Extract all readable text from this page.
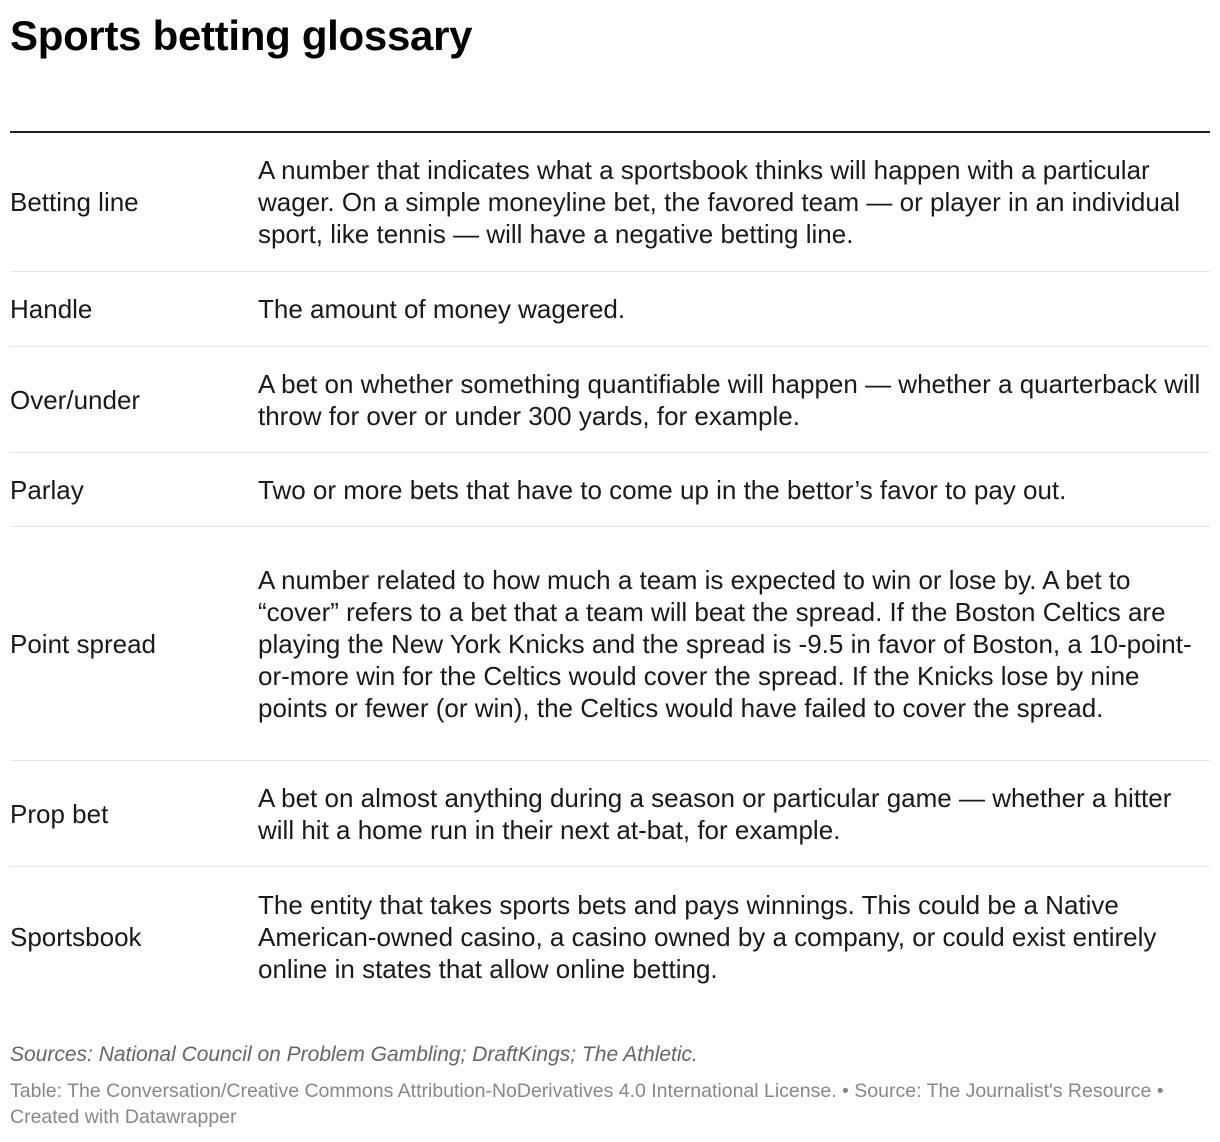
Sports betting glossary
Betting line
A number that indicates what a sportsbook thinks will happen with a particular wager. On a simple moneyline bet, the favored team — or player in an individual sport, like tennis — will have a negative betting line.
Handle	The amount of money wagered.
Over/under
A bet on whether something quantifiable will happen — whether a quarterback will throw for over or under 300 yards, for example.
Parlay	Two or more bets that have to come up in the bettor’s favor to pay out.
Point spread
A number related to how much a team is expected to win or lose by. A bet to “cover” refers to a bet that a team will beat the spread. If the Boston Celtics are playing the New York Knicks and the spread is -9.5 in favor of Boston, a 10-point-or-more win for the Celtics would cover the spread. If the Knicks lose by nine points or fewer (or win), the Celtics would have failed to cover the spread.
Prop bet
A bet on almost anything during a season or particular game — whether a hitter will hit a home run in their next at-bat, for example.
Sportsbook
The entity that takes sports bets and pays winnings. This could be a Native American-owned casino, a casino owned by a company, or could exist entirely online in states that allow online betting.
Sources: National Council on Problem Gambling; DraftKings; The Athletic.
Table: The Conversation/Creative Commons Attribution-NoDerivatives 4.0 International License. • Source: The Journalist's Resource • Created with Datawrapper
